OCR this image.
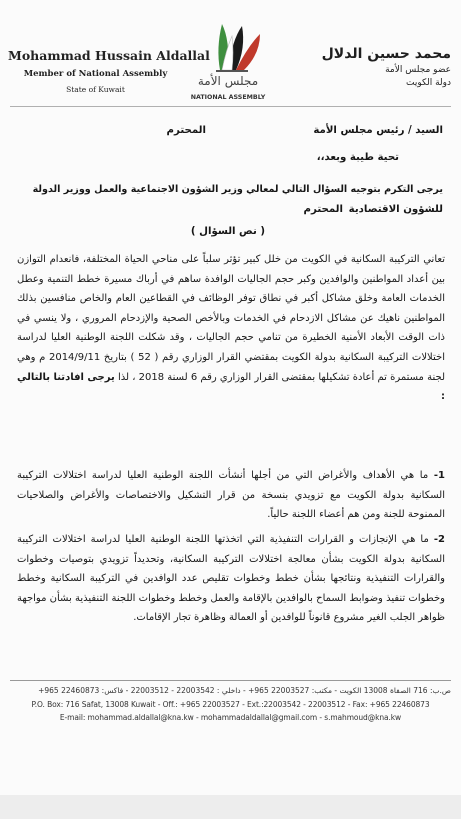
Mohammad Hussain Aldallal
Member of National Assembly
State of Kuwait
مجلس الأمة
NATIONAL ASSEMBLY
محمد حسين الدلال
عضو مجلس الأمة
دولة الكويت
السيد / رئيس مجلس الأمة
المحترم
تحية طيبة وبعد،،
يرجى التكرم بتوجيه السؤال التالي لمعالي وزير الشؤون الاجتماعية والعمل ووزير الدولة
للشؤون الاقتصادية
المحترم
( نص السؤال )
تعاني التركيبة السكانية في الكويت من خلل كبير تؤثر سلباً على مناحي الحياة المختلفة، فانعدام التوازن بين أعداد المواطنين والوافدين وكبر حجم الجاليات الوافدة ساهم في أرباك مسيرة خطط التنمية وعطل الخدمات العامة وخلق مشاكل أكبر في نطاق توفر الوظائف في القطاعين العام والخاص منافسين بذلك المواطنين ناهيك عن مشاكل الازدحام في الخدمات وبالأخص الصحية والإزدحام المروري ، ولا ينسي في ذات الوقت الأبعاد الأمنية الخطيرة من تنامي حجم الجاليات ، وقد شكلت اللجنة الوطنية العليا لدراسة اختلالات التركيبة السكانية بدولة الكويت بمقتضي القرار الوزاري رقم ( 52 ) بتاريخ 2014/9/11 م وهي لجنة مستمرة تم أعادة تشكيلها بمقتضى القرار الوزاري رقم 6 لسنة 2018 ، لذا يرجى افادتنا بالتالي :
1- ما هي الأهداف والأغراض التي من أجلها أنشأت اللجنة الوطنية العليا لدراسة اختلالات التركيبة السكانية بدولة الكويت مع تزويدي بنسخة من قرار التشكيل والاختصاصات والأغراض والصلاحيات الممنوحة للجنة ومن هم أعضاء اللجنة حالياً.
2- ما هي الإنجازات و القرارات التنفيذية التي اتخذتها اللجنة الوطنية العليا لدراسة اختلالات التركيبة السكانية بدولة الكويت بشأن معالجة اختلالات التركيبة السكانية، وتحديداً تزويدي بتوصيات وخطوات والقرارات التنفيذية ونتائجها بشأن خطط وخطوات تقليص عدد الوافدين في التركيبة السكانية وخطط وخطوات تنفيذ وضوابط السماح بالوافدين بالإقامة والعمل وخطط وخطوات اللجنة التنفيذية بشأن مواجهة ظواهر الجلب الغير مشروع قانوناً للوافدين أو العمالة وظاهرة تجار الإقامات.
ص.ب: 716 الصفاة 13008 الكويت - مكتب: 22003527 965+ - داخلي : 22003542 - 22003512 - فاكس: 22460873 965+
P.O. Box: 716 Safat, 13008 Kuwait - Off.: +965 22003527 - Ext.:22003542 - 22003512 - Fax: +965 22460873
E-mail: mohammad.aldallal@kna.kw - mohammadaldallal@gmail.com - s.mahmoud@kna.kw
